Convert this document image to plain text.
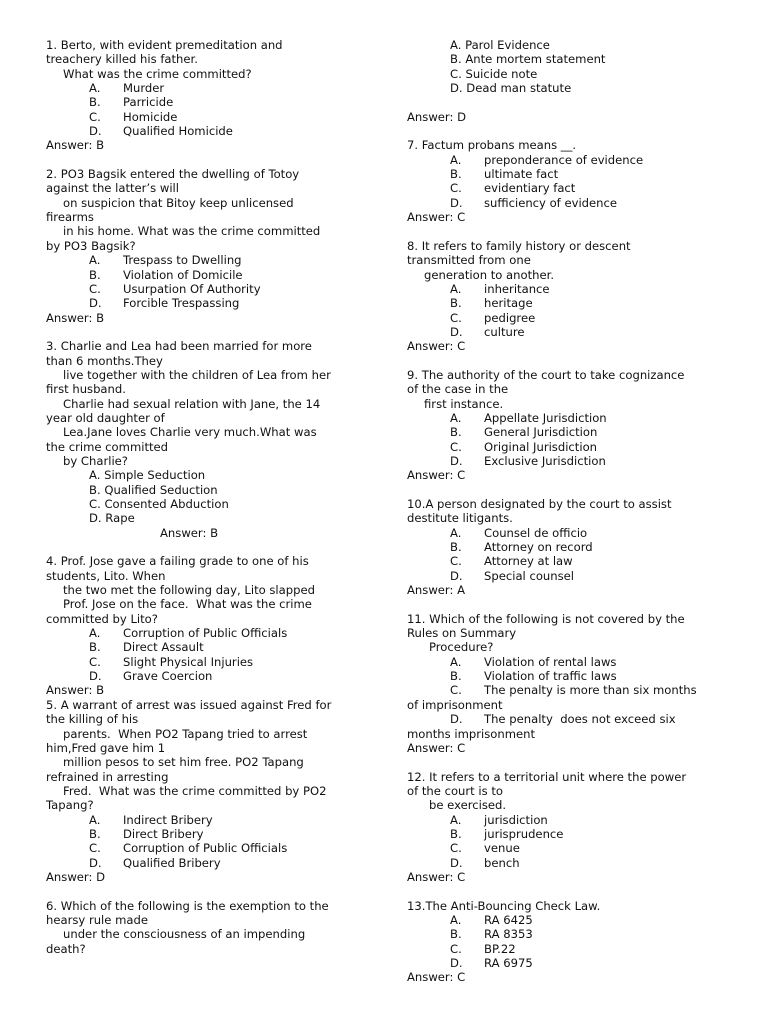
1. Berto, with evident premeditation and
treachery killed his father.
What was the crime committed?
A.	Murder
B.	Parricide
C.	Homicide
D.	Qualified Homicide
Answer: B
2. PO3 Bagsik entered the dwelling of Totoy
against the latter’s will
on suspicion that Bitoy keep unlicensed
firearms
in his home. What was the crime committed
by PO3 Bagsik?
A.	Trespass to Dwelling
B.	Violation of Domicile
C.	Usurpation Of Authority
D.	Forcible Trespassing
Answer: B
3. Charlie and Lea had been married for more
than 6 months.They
live together with the children of Lea from her
first husband.
Charlie had sexual relation with Jane, the 14
year old daughter of
Lea.Jane loves Charlie very much.What was
the crime committed
by Charlie?
A. Simple Seduction
B. Qualified Seduction
C. Consented Abduction
D. Rape
Answer: B
4. Prof. Jose gave a failing grade to one of his
students, Lito. When
the two met the following day, Lito slapped
Prof. Jose on the face.  What was the crime
committed by Lito?
A.	Corruption of Public Officials
B.	Direct Assault
C.	Slight Physical Injuries
D.	Grave Coercion
Answer: B
5. A warrant of arrest was issued against Fred for
the killing of his
parents.  When PO2 Tapang tried to arrest
him,Fred gave him 1
million pesos to set him free. PO2 Tapang
refrained in arresting
Fred.  What was the crime committed by PO2
Tapang?
A.	Indirect Bribery
B.	Direct Bribery
C.	Corruption of Public Officials
D.	Qualified Bribery
Answer: D
6. Which of the following is the exemption to the
hearsy rule made
under the consciousness of an impending
death?
A. Parol Evidence
B. Ante mortem statement
C. Suicide note
D. Dead man statute
Answer: D
7. Factum probans means __.
A.	preponderance of evidence
B.	ultimate fact
C.	evidentiary fact
D.	sufficiency of evidence
Answer: C
8. It refers to family history or descent
transmitted from one
generation to another.
A.	inheritance
B.	heritage
C.	pedigree
D.	culture
Answer: C
9. The authority of the court to take cognizance
of the case in the
first instance.
A.	Appellate Jurisdiction
B.	General Jurisdiction
C.	Original Jurisdiction
D.	Exclusive Jurisdiction
Answer: C
10.A person designated by the court to assist
destitute litigants.
A.	Counsel de officio
B.	Attorney on record
C.	Attorney at law
D.	Special counsel
Answer: A
11. Which of the following is not covered by the
Rules on Summary
Procedure?
A.	Violation of rental laws
B.	Violation of traffic laws
C.	The penalty is more than six months
of imprisonment
D.	The penalty  does not exceed six
months imprisonment
Answer: C
12. It refers to a territorial unit where the power
of the court is to
be exercised.
A.	jurisdiction
B.	jurisprudence
C.	venue
D.	bench
Answer: C
13.The Anti-Bouncing Check Law.
A.	RA 6425
B.	RA 8353
C.	BP.22
D.	RA 6975
Answer: C
